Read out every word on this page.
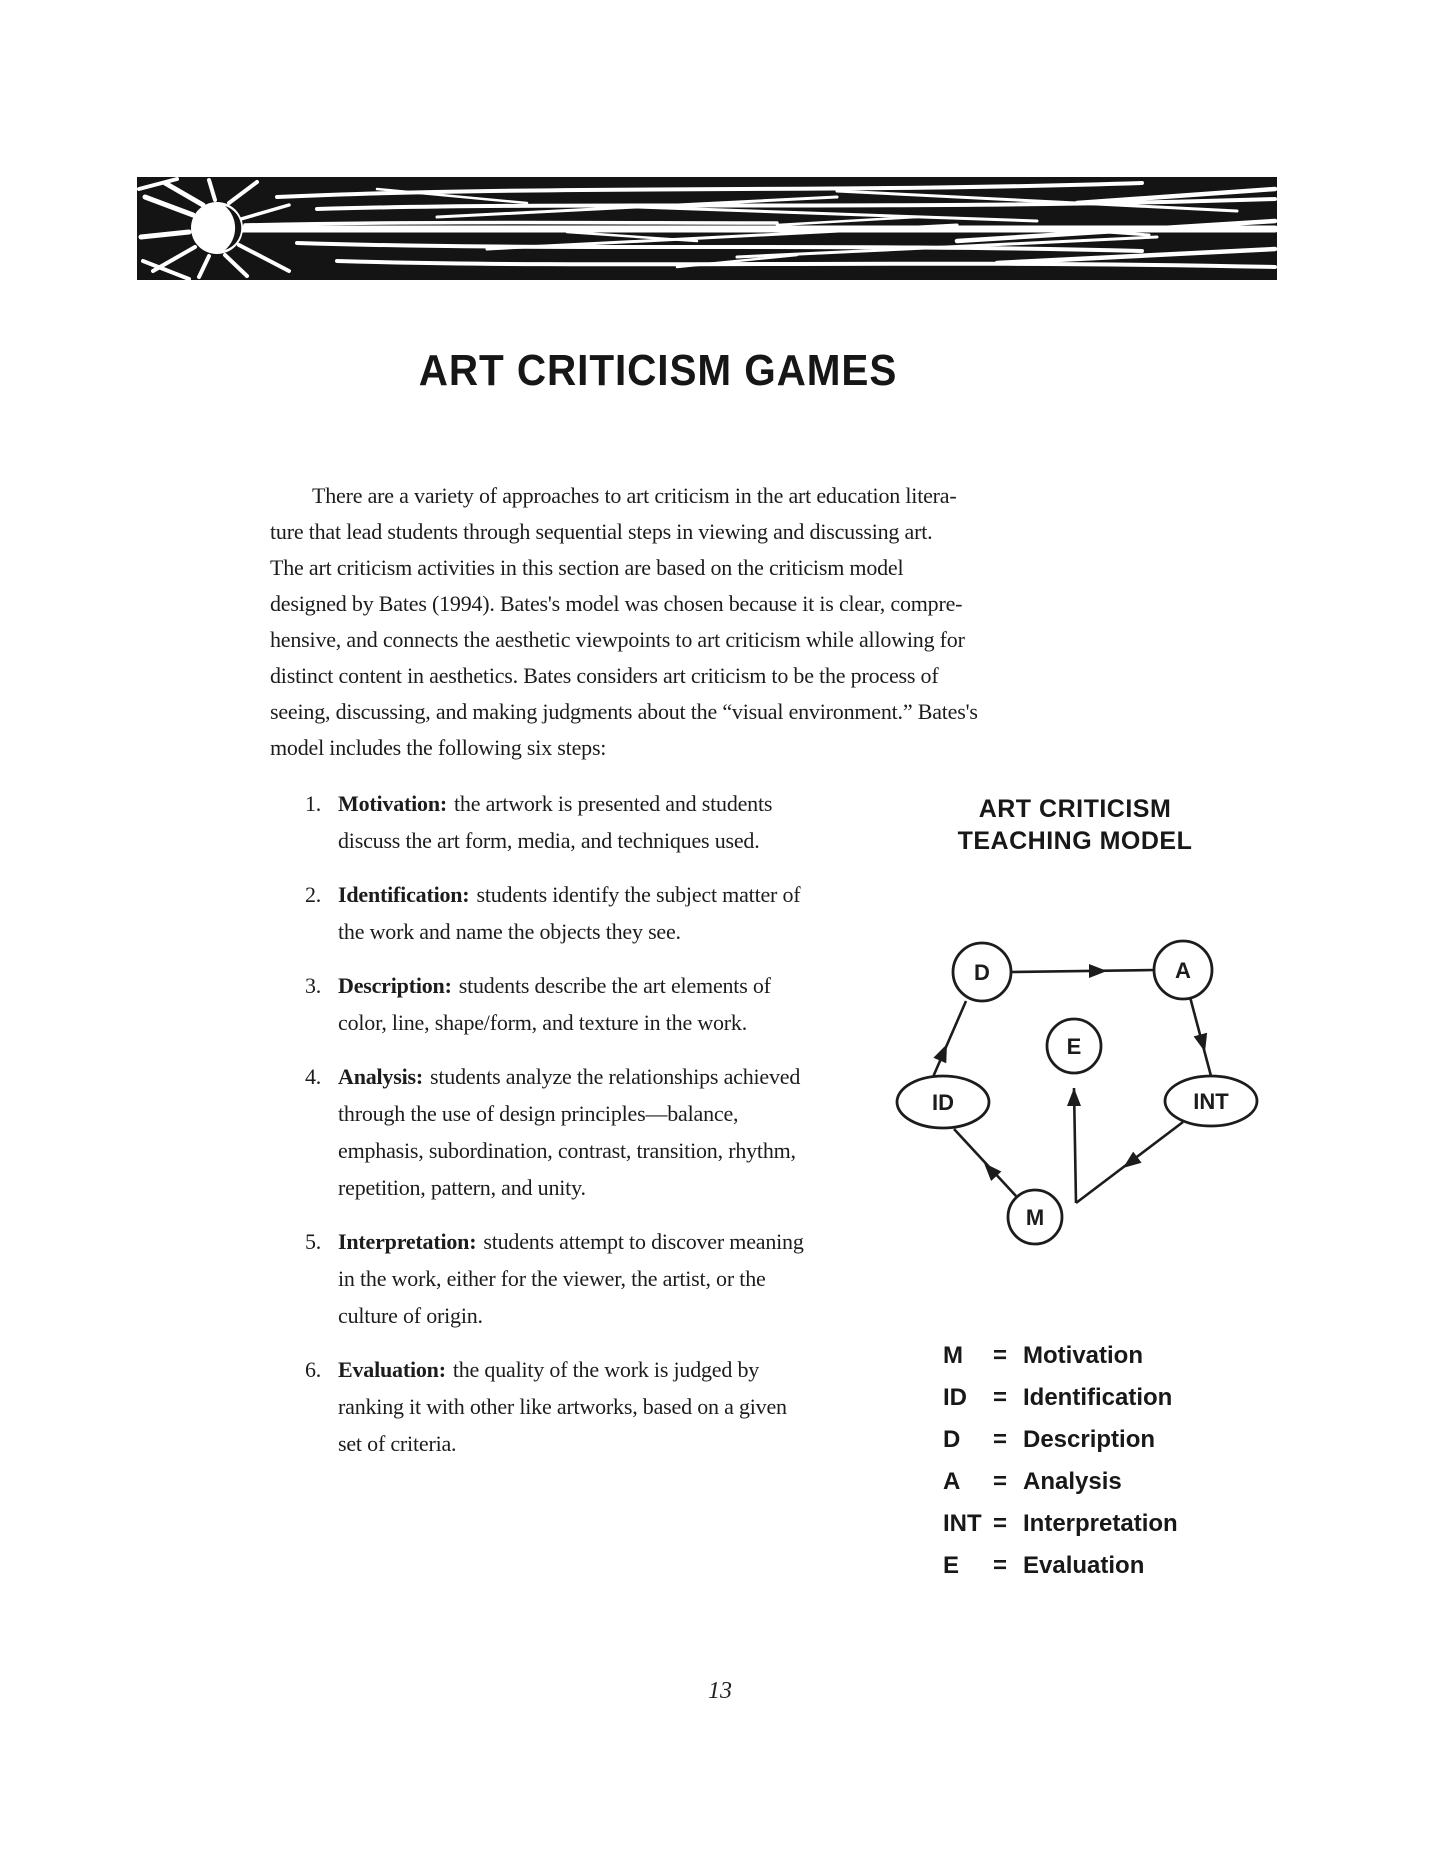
ART CRITICISM GAMES
There are a variety of approaches to art criticism in the art education litera-
ture that lead students through sequential steps in viewing and discussing art.
The art criticism activities in this section are based on the criticism model
designed by Bates (1994). Bates's model was chosen because it is clear, compre-
hensive, and connects the aesthetic viewpoints to art criticism while allowing for
distinct content in aesthetics. Bates considers art criticism to be the process of
seeing, discussing, and making judgments about the “visual environment.” Bates's
model includes the following six steps:
1. Motivation: the artwork is presented and students discuss the art form, media, and techniques used.
2. Identification: students identify the subject matter of the work and name the objects they see.
3. Description: students describe the art elements of color, line, shape/form, and texture in the work.
4. Analysis: students analyze the relationships achieved through the use of design principles—balance, emphasis, subordination, contrast, transition, rhythm, repetition, pattern, and unity.
5. Interpretation: students attempt to discover meaning in the work, either for the viewer, the artist, or the culture of origin.
6. Evaluation: the quality of the work is judged by ranking it with other like artworks, based on a given set of criteria.
ART CRITICISM
TEACHING MODEL
D	A
E
ID	INT
M
M	= Motivation
ID	= Identification
D	= Description
A	= Analysis
INT = Interpretation
E	= Evaluation
13
